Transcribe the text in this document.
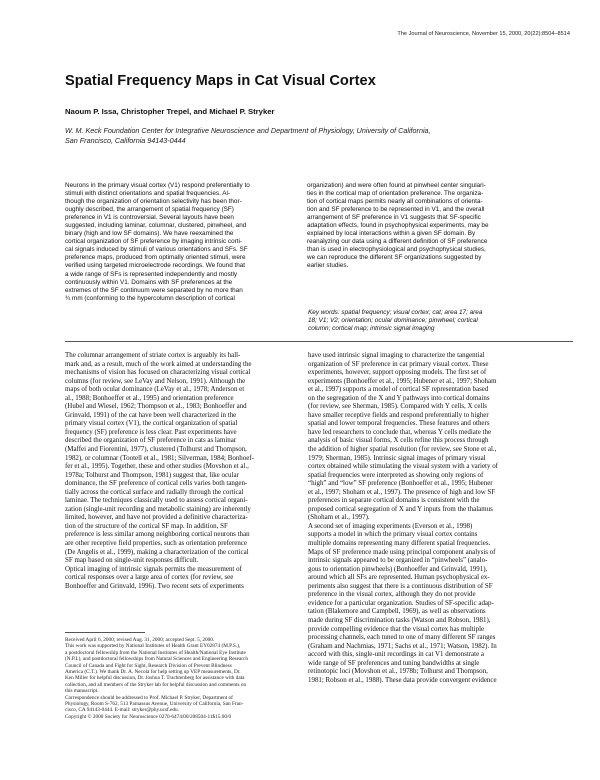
The Journal of Neuroscience, November 15, 2000, 20(22):8504–8514
Spatial Frequency Maps in Cat Visual Cortex
Naoum P. Issa, Christopher Trepel, and Michael P. Stryker
W. M. Keck Foundation Center for Integrative Neuroscience and Department of Physiology, University of California,
San Francisco, California 94143-0444
Neurons in the primary visual cortex (V1) respond preferentially to
stimuli with distinct orientations and spatial frequencies. Al-
though the organization of orientation selectivity has been thor-
oughly described, the arrangement of spatial frequency (SF)
preference in V1 is controversial. Several layouts have been
suggested, including laminar, columnar, clustered, pinwheel, and
binary (high and low SF domains). We have reexamined the
cortical organization of SF preference by imaging intrinsic corti-
cal signals induced by stimuli of various orientations and SFs. SF
preference maps, produced from optimally oriented stimuli, were
verified using targeted microelectrode recordings. We found that
a wide range of SFs is represented independently and mostly
continuously within V1. Domains with SF preferences at the
extremes of the SF continuum were separated by no more than
¾ mm (conforming to the hypercolumn description of cortical
organization) and were often found at pinwheel center singulari-
ties in the cortical map of orientation preference. The organiza-
tion of cortical maps permits nearly all combinations of orienta-
tion and SF preference to be represented in V1, and the overall
arrangement of SF preference in V1 suggests that SF-specific
adaptation effects, found in psychophysical experiments, may be
explained by local interactions within a given SF domain. By
reanalyzing our data using a different definition of SF preference
than is used in electrophysiological and psychophysical studies,
we can reproduce the different SF organizations suggested by
earlier studies.
Key words: spatial frequency; visual cortex; cat; area 17; area
18; V1; V2; orientation; ocular dominance; pinwheel; cortical
column; cortical map; intrinsic signal imaging
The columnar arrangement of striate cortex is arguably its hall-
mark and, as a result, much of the work aimed at understanding the
mechanisms of vision has focused on characterizing visual cortical
columns (for review, see LeVay and Nelson, 1991). Although the
maps of both ocular dominance (LeVay et al., 1978; Anderson et
al., 1988; Bonhoeffer et al., 1995) and orientation preference
(Hubel and Wiesel, 1962; Thompson et al., 1983; Bonhoeffer and
Grinvald, 1991) of the cat have been well characterized in the
primary visual cortex (V1), the cortical organization of spatial
frequency (SF) preference is less clear. Past experiments have
described the organization of SF preference in cats as laminar
(Maffei and Fiorentini, 1977), clustered (Tolhurst and Thompson,
1982), or columnar (Tootell et al., 1981; Silverman, 1984; Bonhoef-
fer et al., 1995). Together, these and other studies (Movshon et al.,
1978a; Tolhurst and Thompson, 1981) suggest that, like ocular
dominance, the SF preference of cortical cells varies both tangen-
tially across the cortical surface and radially through the cortical
laminae. The techniques classically used to assess cortical organi-
zation (single-unit recording and metabolic staining) are inherently
limited, however, and have not provided a definitive characteriza-
tion of the structure of the cortical SF map. In addition, SF
preference is less similar among neighboring cortical neurons than
are other receptive field properties, such as orientation preference
(De Angelis et al., 1999), making a characterization of the cortical
SF map based on single-unit responses difficult.
Optical imaging of intrinsic signals permits the measurement of
cortical responses over a large area of cortex (for review, see
Bonhoeffer and Grinvald, 1996). Two recent sets of experiments
have used intrinsic signal imaging to characterize the tangential
organization of SF preference in cat primary visual cortex. These
experiments, however, support opposing models. The first set of
experiments (Bonhoeffer et al., 1995; Hubener et al., 1997; Shoham
et al., 1997) supports a model of cortical SF representation based
on the segregation of the X and Y pathways into cortical domains
(for review, see Sherman, 1985). Compared with Y cells, X cells
have smaller receptive fields and respond preferentially to higher
spatial and lower temporal frequencies. These features and others
have led researchers to conclude that, whereas Y cells mediate the
analysis of basic visual forms, X cells refine this process through
the addition of higher spatial resolution (for review, see Stone et al.,
1979; Sherman, 1985). Intrinsic signal images of primary visual
cortex obtained while stimulating the visual system with a variety of
spatial frequencies were interpreted as showing only regions of
“high” and “low” SF preference (Bonhoeffer et al., 1995; Hubener
et al., 1997; Shoham et al., 1997). The presence of high and low SF
preferences in separate cortical domains is consistent with the
proposed cortical segregation of X and Y inputs from the thalamus
(Shoham et al., 1997).
A second set of imaging experiments (Everson et al., 1998)
supports a model in which the primary visual cortex contains
multiple domains representing many different spatial frequencies.
Maps of SF preference made using principal component analysis of
intrinsic signals appeared to be organized in “pinwheels” (analo-
gous to orientation pinwheels) (Bonhoeffer and Grinvald, 1991),
around which all SFs are represented. Human psychophysical ex-
periments also suggest that there is a continuous distribution of SF
preference in the visual cortex, although they do not provide
evidence for a particular organization. Studies of SF-specific adap-
tation (Blakemore and Campbell, 1969), as well as observations
made during SF discrimination tasks (Watson and Robson, 1981),
provide compelling evidence that the visual cortex has multiple
processing channels, each tuned to one of many different SF ranges
(Graham and Nachmias, 1971; Sachs et al., 1971; Watson, 1982). In
accord with this, single-unit recordings in cat V1 demonstrate a
wide range of SF preferences and tuning bandwidths at single
retinotopic loci (Movshon et al., 1978b; Tolhurst and Thompson,
1981; Robson et al., 1988). These data provide convergent evidence
Received April 6, 2000; revised Aug. 31, 2000; accepted Sept. 5, 2000.
This work was supported by National Institutes of Health Grant EY02874 (M.P.S.),
a postdoctoral fellowship from the National Institutes of Health/National Eye Institute
(N.P.I.), and postdoctoral fellowships from Natural Sciences and Engineering Research
Council of Canada and Fight for Sight, Research Division of Prevent Blindness
America (C.T.). We thank Dr. A. Necola for help setting up VEP measurements, Dr.
Ken Miller for helpful discussion, Dr. Joshua T. Trachtenberg for assistance with data
collection, and all members of the Stryker lab for helpful discussion and comments on
this manuscript.
Correspondence should be addressed to Prof. Michael P. Stryker, Department of
Physiology, Room S-762, 513 Parnassus Avenue, University of California, San Fran-
cisco, CA 94143-0444. E-mail: stryker@phy.ucsf.edu.
Copyright © 2000 Society for Neuroscience 0270-6474/00/208504-11$15.00/0
